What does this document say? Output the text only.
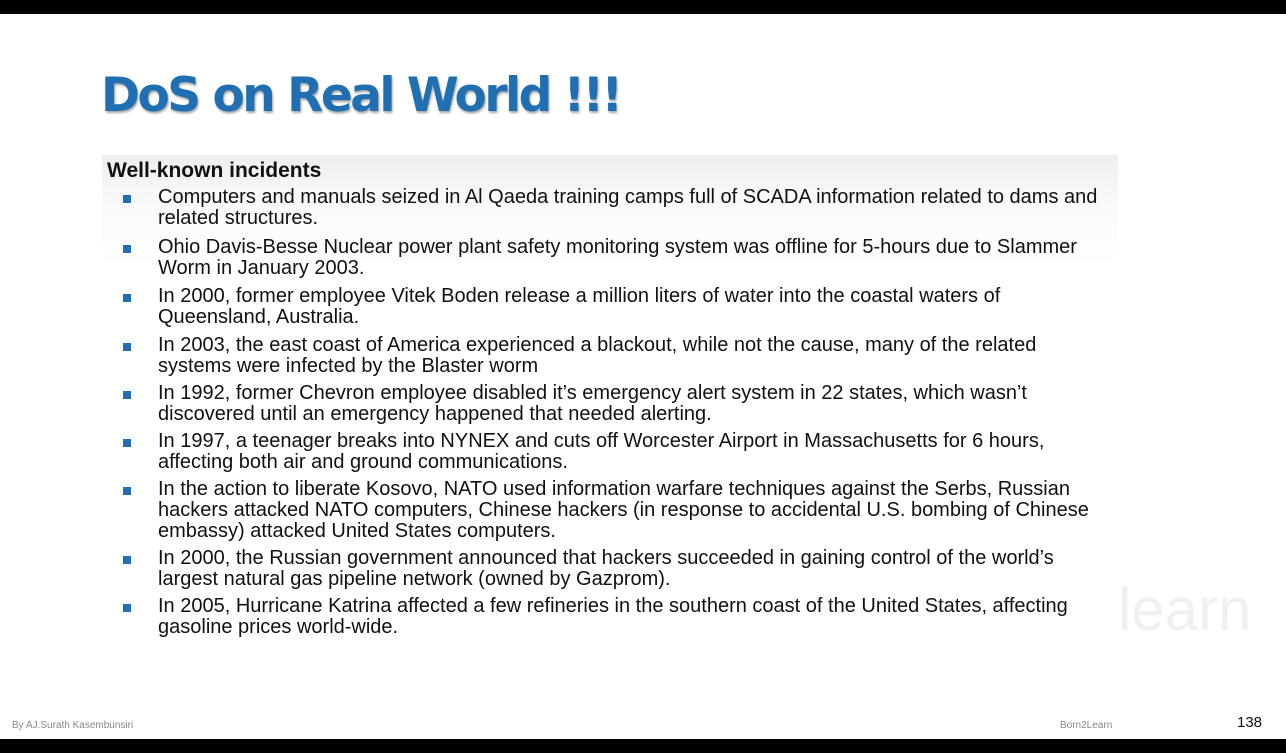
DoS on Real World !!!
learn
Well-known incidents
Computers and manuals seized in Al Qaeda training camps full of SCADA information related to dams and related structures.
Ohio Davis-Besse Nuclear power plant safety monitoring system was offline for 5-hours due to Slammer Worm in January 2003.
In 2000, former employee Vitek Boden release a million liters of water into the coastal waters of Queensland, Australia.
In 2003, the east coast of America experienced a blackout, while not the cause, many of the related systems were infected by the Blaster worm
In 1992, former Chevron employee disabled it’s emergency alert system in 22 states, which wasn’t discovered until an emergency happened that needed alerting.
In 1997, a teenager breaks into NYNEX and cuts off Worcester Airport in Massachusetts for 6 hours, affecting both air and ground communications.
In the action to liberate Kosovo, NATO used information warfare techniques against the Serbs, Russian hackers attacked NATO computers, Chinese hackers (in response to accidental U.S. bombing of Chinese embassy) attacked United States computers.
In 2000, the Russian government announced that hackers succeeded in gaining control of the world’s largest natural gas pipeline network (owned by Gazprom).
In 2005, Hurricane Katrina affected a few refineries in the southern coast of the United States, affecting gasoline prices world-wide.
By AJ.Surath Kasembunsiri	Born2Learn	138
